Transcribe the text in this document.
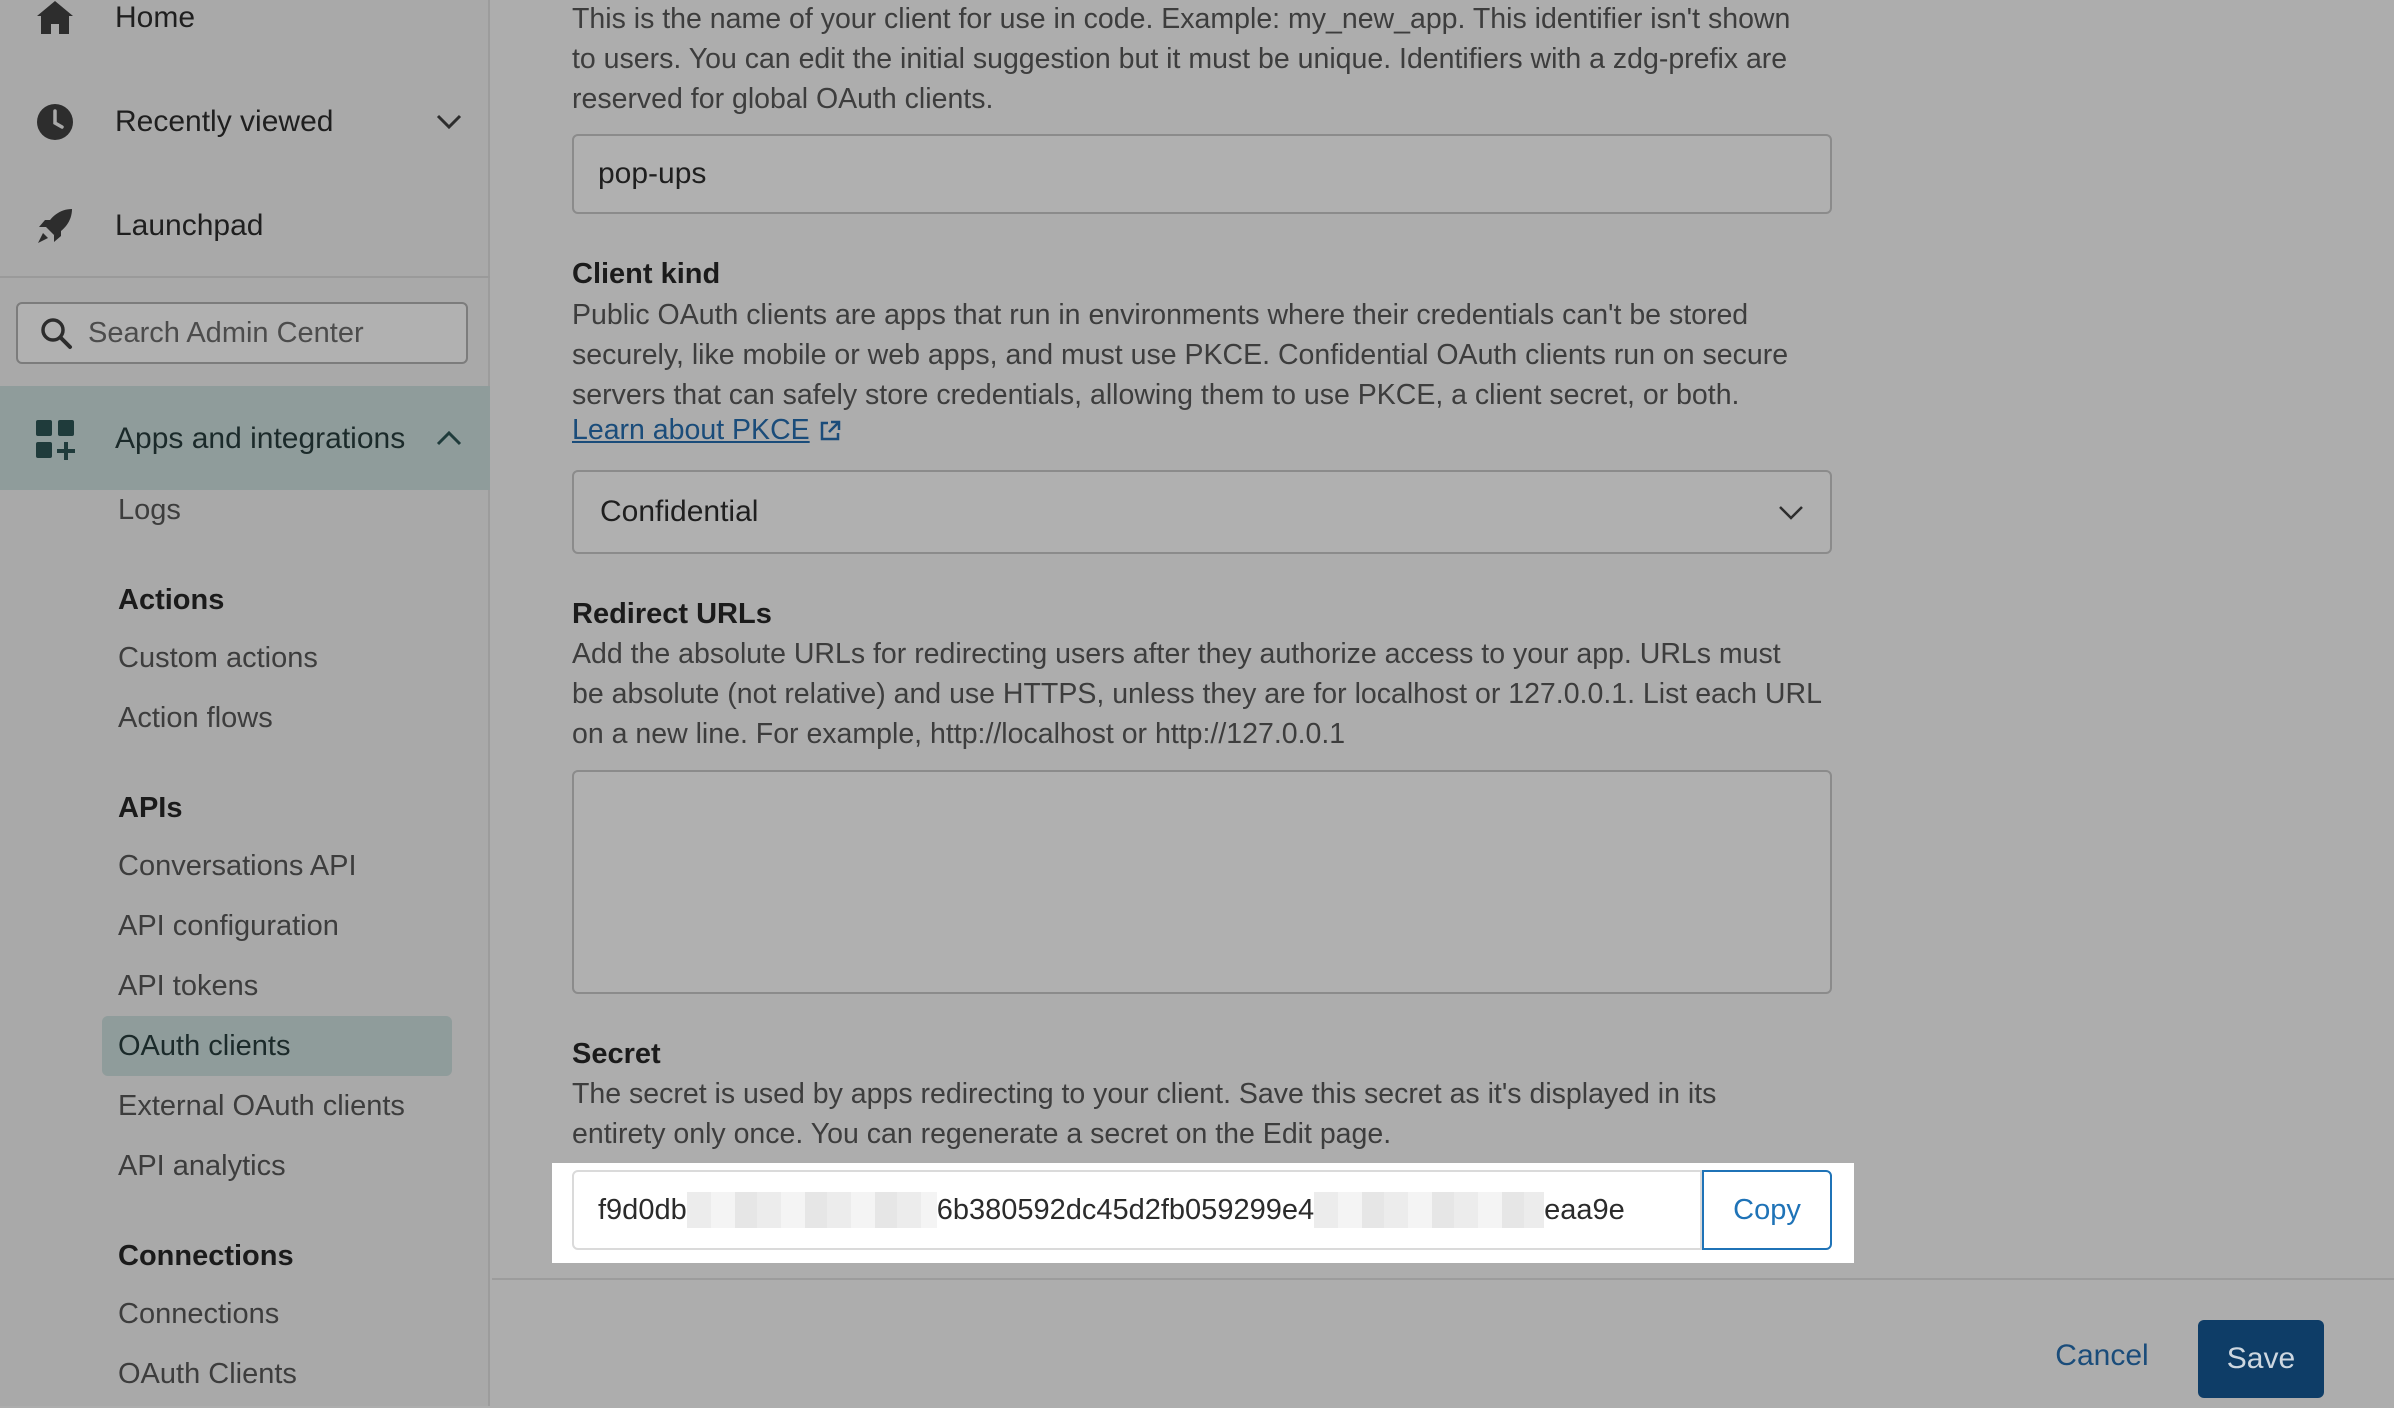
Home
Recently viewed
Launchpad
Search Admin Center
Apps and integrations
Logs
Actions
Custom actions
Action flows
APIs
Conversations API
API configuration
API tokens
OAuth clients
External OAuth clients
API analytics
Connections
Connections
OAuth Clients

This is the name of your client for use in code. Example: my_new_app. This identifier isn't shown

to users. You can edit the initial suggestion but it must be unique. Identifiers with a zdg-prefix are

reserved for global OAuth clients.

pop-ups
Client kind

Public OAuth clients are apps that run in environments where their credentials can't be stored

securely, like mobile or web apps, and must use PKCE. Confidential OAuth clients run on secure

servers that can safely store credentials, allowing them to use PKCE, a client secret, or both.

Learn about PKCE
Confidential
Redirect URLs

Add the absolute URLs for redirecting users after they authorize access to your app. URLs must

be absolute (not relative) and use HTTPS, unless they are for localhost or 127.0.0.1. List each URL

on a new line. For example, http://localhost or http://127.0.0.1

Secret

The secret is used by apps redirecting to your client. Save this secret as it's displayed in its

entirety only once. You can regenerate a secret on the Edit page.

f9d0db	6b380592dc45d2fb059299e4	eaa9e	Copy
Cancel	Save
